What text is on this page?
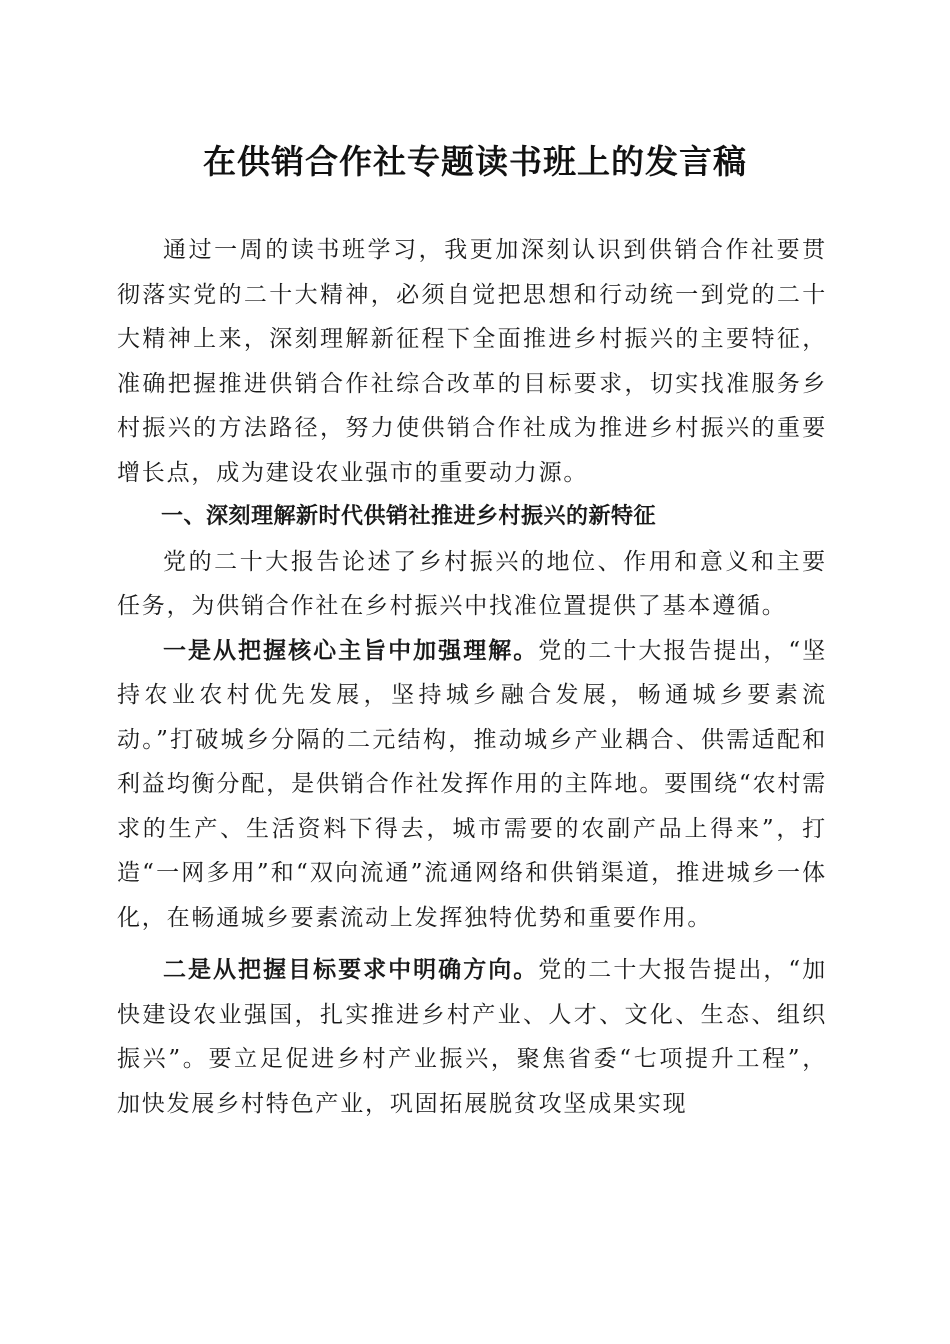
在供销合作社专题读书班上的发言稿

通过一周的读书班学习，我更加深刻认识到供销合作社要贯彻落实党的二十大精神，必须自觉把思想和行动统一到党的二十大精神上来，深刻理解新征程下全面推进乡村振兴的主要特征，准确把握推进供销合作社综合改革的目标要求，切实找准服务乡村振兴的方法路径，努力使供销合作社成为推进乡村振兴的重要增长点，成为建设农业强市的重要动力源。

一、深刻理解新时代供销社推进乡村振兴的新特征

党的二十大报告论述了乡村振兴的地位、作用和意义和主要任务，为供销合作社在乡村振兴中找准位置提供了基本遵循。

一是从把握核心主旨中加强理解。党的二十大报告提出，“坚持农业农村优先发展，坚持城乡融合发展，畅通城乡要素流动。”打破城乡分隔的二元结构，推动城乡产业耦合、供需适配和利益均衡分配，是供销合作社发挥作用的主阵地。要围绕“农村需求的生产、生活资料下得去，城市需要的农副产品上得来”，打造“一网多用”和“双向流通”流通网络和供销渠道，推进城乡一体化，在畅通城乡要素流动上发挥独特优势和重要作用。

二是从把握目标要求中明确方向。党的二十大报告提出，“加快建设农业强国，扎实推进乡村产业、人才、文化、生态、组织振兴”。要立足促进乡村产业振兴，聚焦省委“七项提升工程”，加快发展乡村特色产业，巩固拓展脱贫攻坚成果实现
